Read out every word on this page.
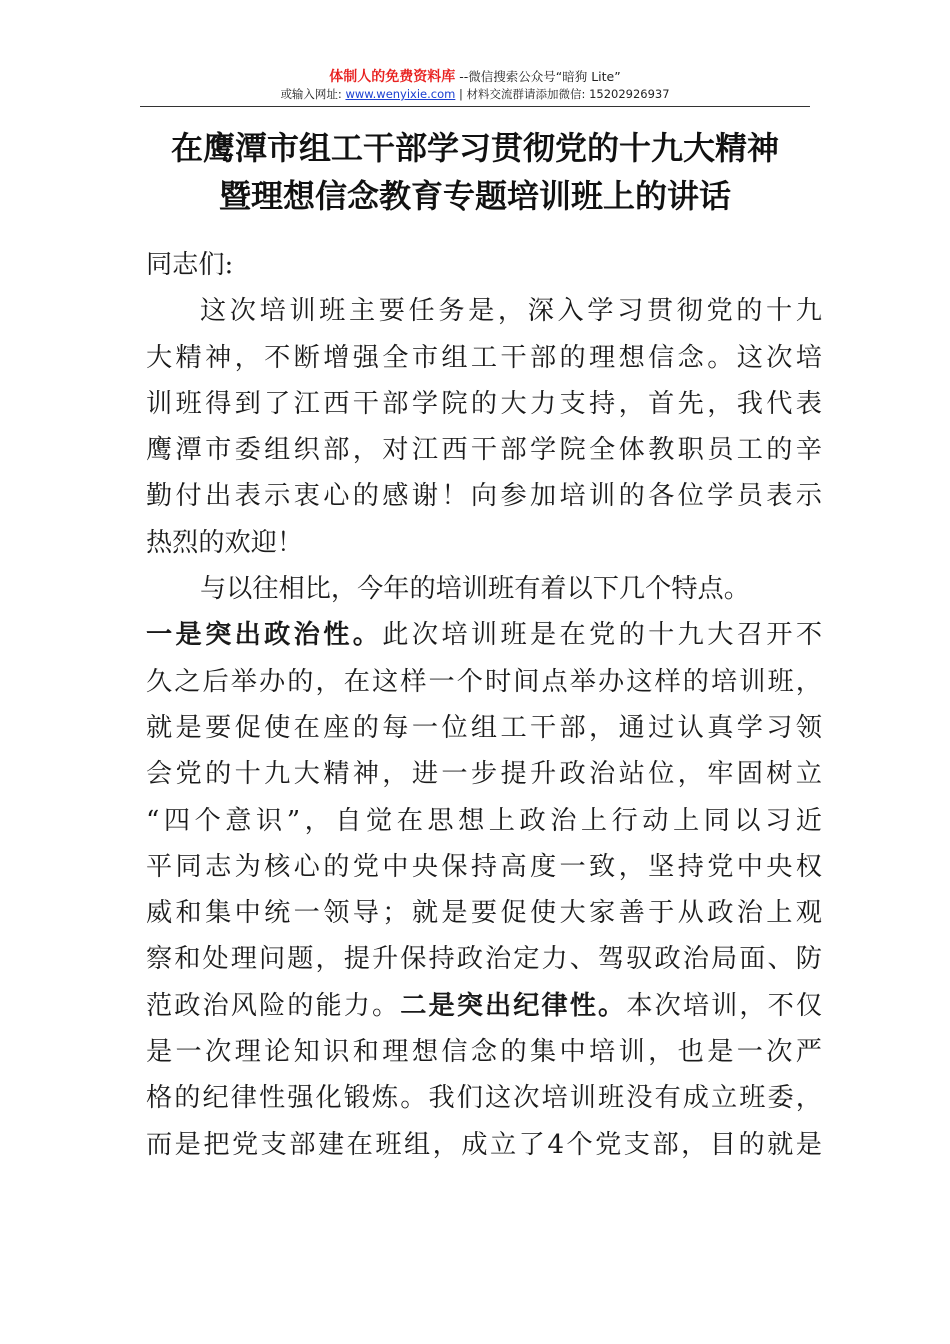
体制人的免费资料库 --微信搜索公众号“暗狗 Lite”
或输入网址: www.wenyixie.com | 材料交流群请添加微信: 15202926937
在鹰潭市组工干部学习贯彻党的十九大精神
暨理想信念教育专题培训班上的讲话
同志们:
这次培训班主要任务是，深入学习贯彻党的十九
大精神，不断增强全市组工干部的理想信念。这次培
训班得到了江西干部学院的大力支持，首先，我代表
鹰潭市委组织部，对江西干部学院全体教职员工的辛
勤付出表示衷心的感谢！向参加培训的各位学员表示
热烈的欢迎！
与以往相比，今年的培训班有着以下几个特点。
一是突出政治性。此次培训班是在党的十九大召开不
久之后举办的，在这样一个时间点举办这样的培训班，
就是要促使在座的每一位组工干部，通过认真学习领
会党的十九大精神，进一步提升政治站位，牢固树立
“四个意识”，自觉在思想上政治上行动上同以习近
平同志为核心的党中央保持高度一致，坚持党中央权
威和集中统一领导；就是要促使大家善于从政治上观
察和处理问题，提升保持政治定力、驾驭政治局面、防
范政治风险的能力。二是突出纪律性。本次培训，不仅
是一次理论知识和理想信念的集中培训，也是一次严
格的纪律性强化锻炼。我们这次培训班没有成立班委，
而是把党支部建在班组，成立了4个党支部，目的就是
